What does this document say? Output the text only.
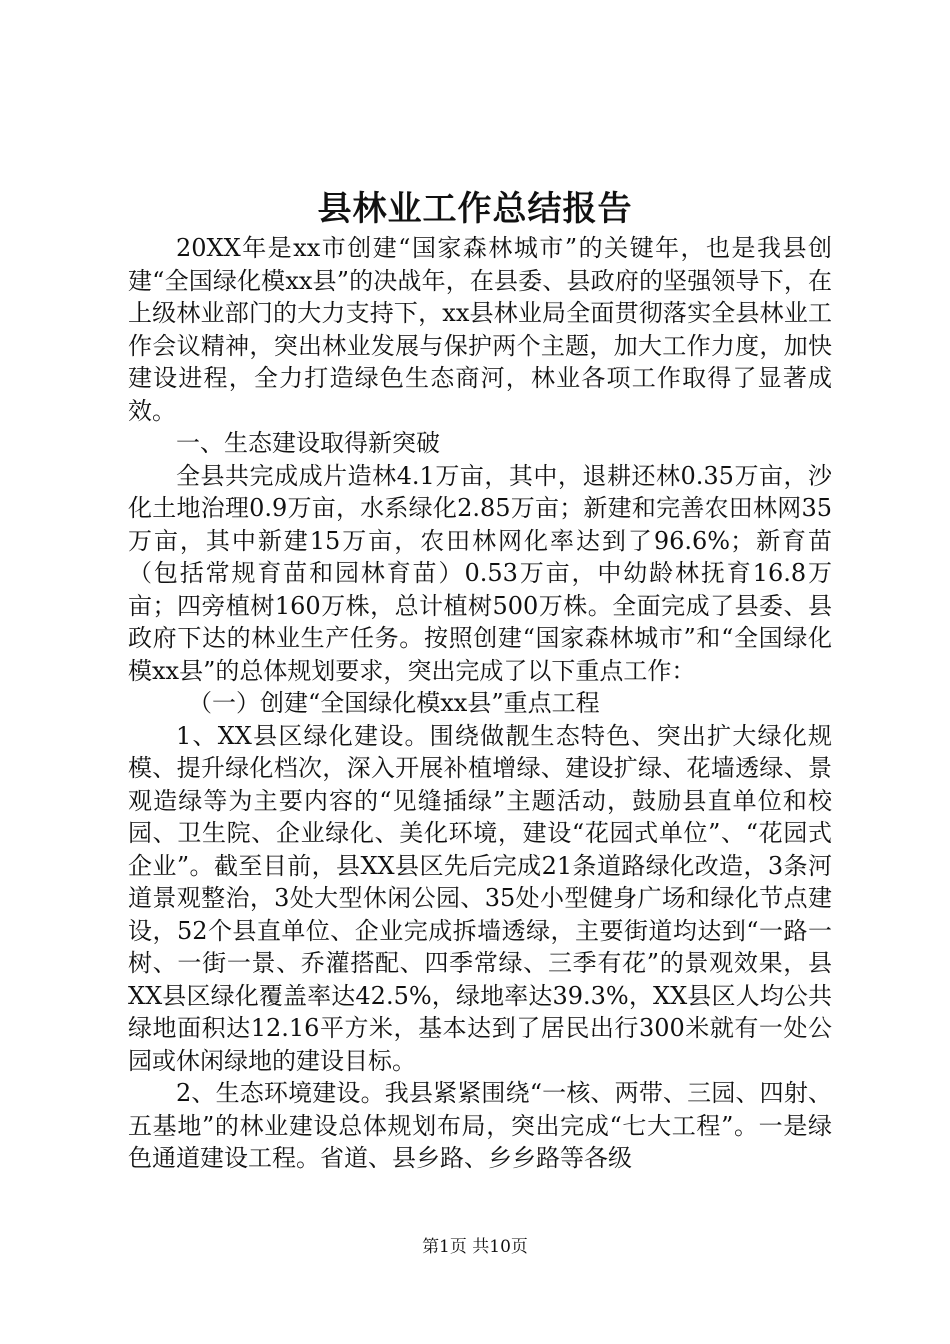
县林业工作总结报告

20XX年是xx市创建“国家森林城市”的关键年，也是我县创建“全国绿化模xx县”的决战年，在县委、县政府的坚强领导下，在上级林业部门的大力支持下，xx县林业局全面贯彻落实全县林业工作会议精神，突出林业发展与保护两个主题，加大工作力度，加快建设进程，全力打造绿色生态商河，林业各项工作取得了显著成效。

一、生态建设取得新突破

全县共完成成片造林4.1万亩，其中，退耕还林0.35万亩，沙化土地治理0.9万亩，水系绿化2.85万亩；新建和完善农田林网35万亩，其中新建15万亩，农田林网化率达到了96.6%；新育苗（包括常规育苗和园林育苗）0.53万亩，中幼龄林抚育16.8万亩；四旁植树160万株，总计植树500万株。全面完成了县委、县政府下达的林业生产任务。按照创建“国家森林城市”和“全国绿化模xx县”的总体规划要求，突出完成了以下重点工作：

（一）创建“全国绿化模xx县”重点工程

1、XX县区绿化建设。围绕做靓生态特色、突出扩大绿化规模、提升绿化档次，深入开展补植增绿、建设扩绿、花墙透绿、景观造绿等为主要内容的“见缝插绿”主题活动，鼓励县直单位和校园、卫生院、企业绿化、美化环境，建设“花园式单位”、“花园式企业”。截至目前，县XX县区先后完成21条道路绿化改造，3条河道景观整治，3处大型休闲公园、35处小型健身广场和绿化节点建设，52个县直单位、企业完成拆墙透绿，主要街道均达到“一路一树、一街一景、乔灌搭配、四季常绿、三季有花”的景观效果，县XX县区绿化覆盖率达42.5%，绿地率达39.3%，XX县区人均公共绿地面积达12.16平方米，基本达到了居民出行300米就有一处公园或休闲绿地的建设目标。

2、生态环境建设。我县紧紧围绕“一核、两带、三园、四射、五基地”的林业建设总体规划布局，突出完成“七大工程”。一是绿色通道建设工程。省道、县乡路、乡乡路等各级

第1页 共10页
